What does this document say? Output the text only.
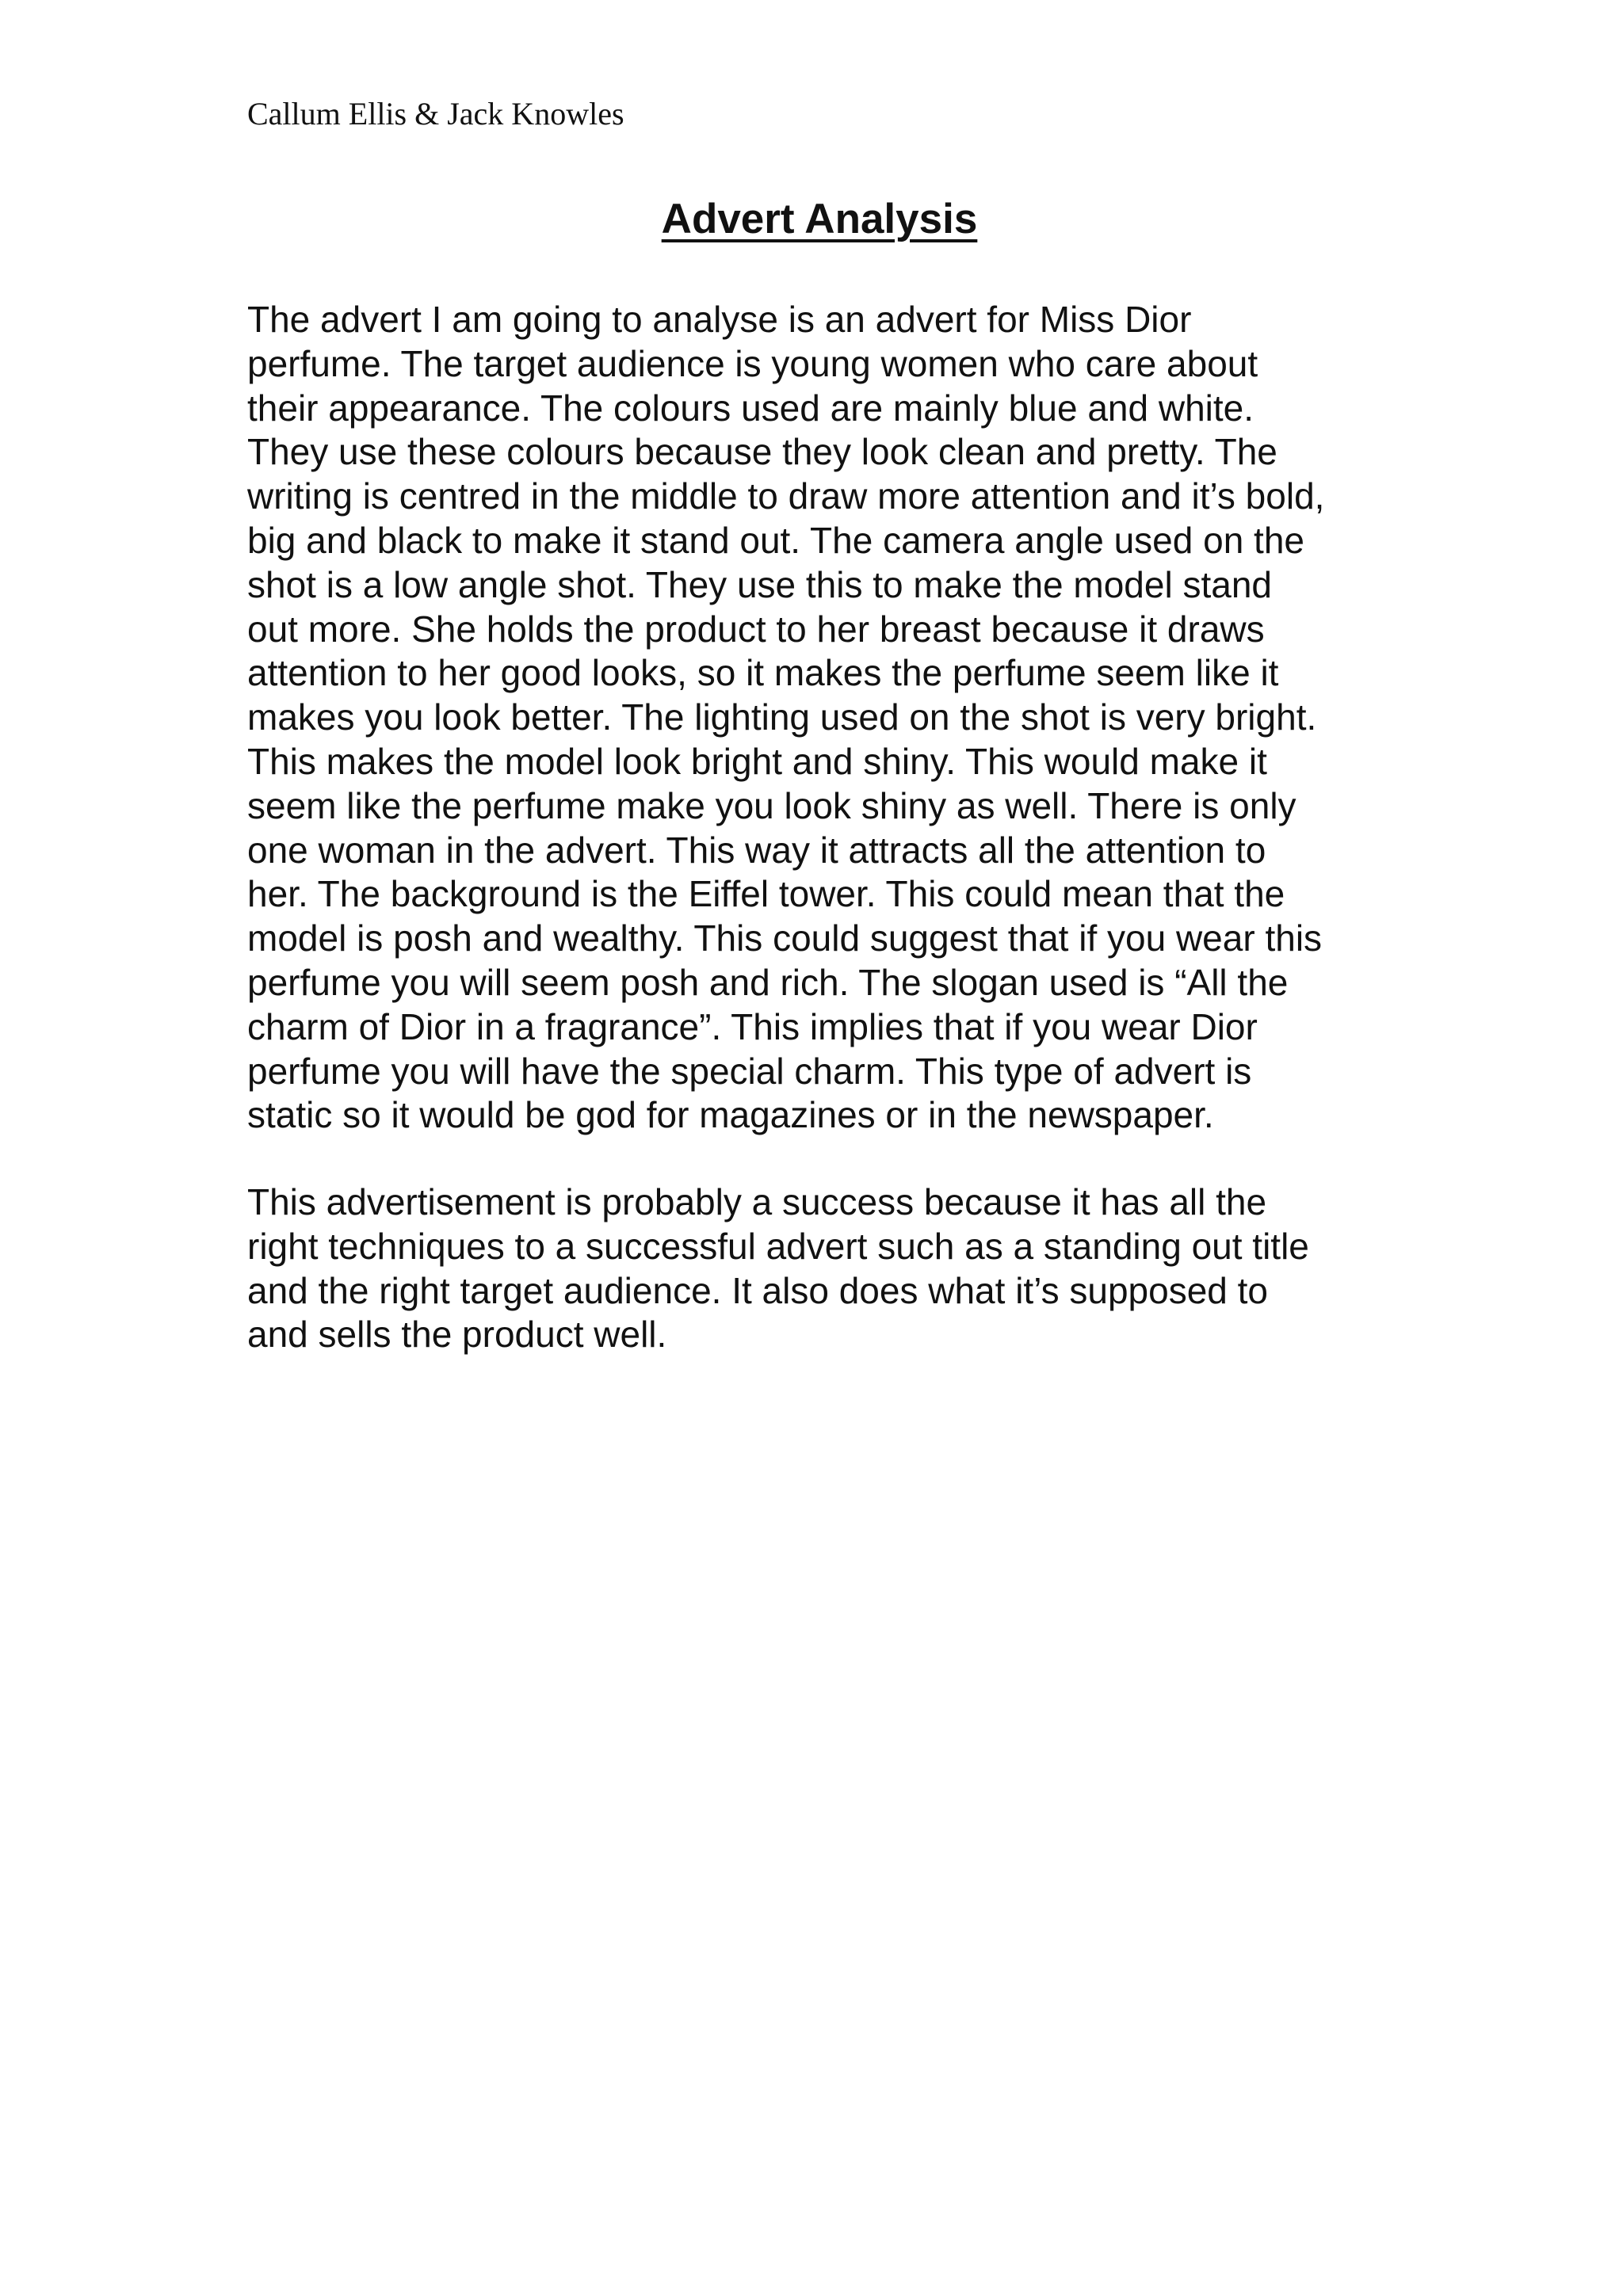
Callum Ellis & Jack Knowles
Advert Analysis
The advert I am going to analyse is an advert for Miss Dior
perfume. The target audience is young women who care about
their appearance. The colours used are mainly blue and white.
They use these colours because they look clean and pretty. The
writing is centred in the middle to draw more attention and it’s bold,
big and black to make it stand out. The camera angle used on the
shot is a low angle shot. They use this to make the model stand
out more. She holds the product to her breast because it draws
attention to her good looks, so it makes the perfume seem like it
makes you look better. The lighting used on the shot is very bright.
This makes the model look bright and shiny. This would make it
seem like the perfume make you look shiny as well. There is only
one woman in the advert. This way it attracts all the attention to
her. The background is the Eiffel tower. This could mean that the
model is posh and wealthy. This could suggest that if you wear this
perfume you will seem posh and rich. The slogan used is “All the
charm of Dior in a fragrance”. This implies that if you wear Dior
perfume you will have the special charm. This type of advert is
static so it would be god for magazines or in the newspaper.
This advertisement is probably a success because it has all the
right techniques to a successful advert such as a standing out title
and the right target audience. It also does what it’s supposed to
and sells the product well.
